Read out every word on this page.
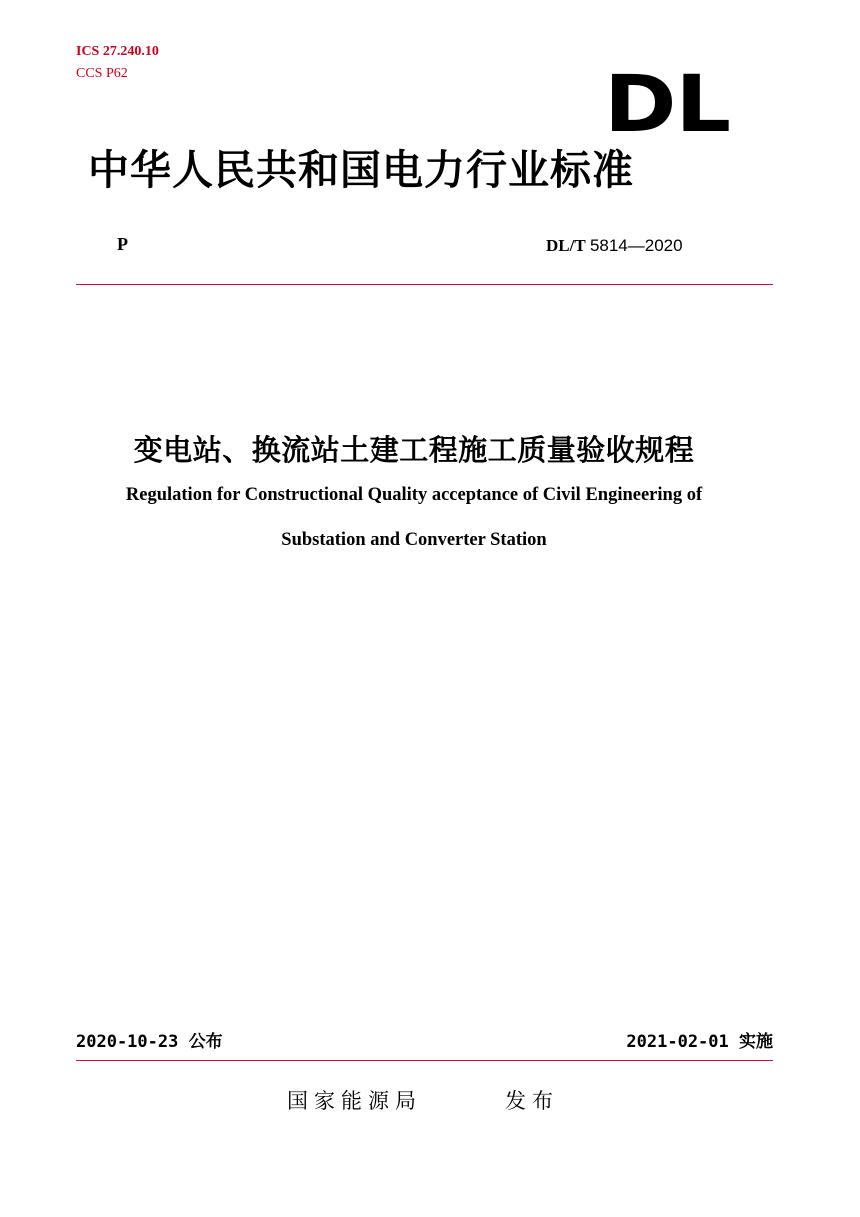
ICS 27.240.10
CCS P62	DL
中华人民共和国电力行业标准
P	DL/T 5814—2020
变电站、换流站土建工程施工质量验收规程
Regulation for Constructional Quality acceptance of Civil Engineering of
Substation and Converter Station
2020-10-23 公布	2021-02-01 实施
国家能源局	发布
